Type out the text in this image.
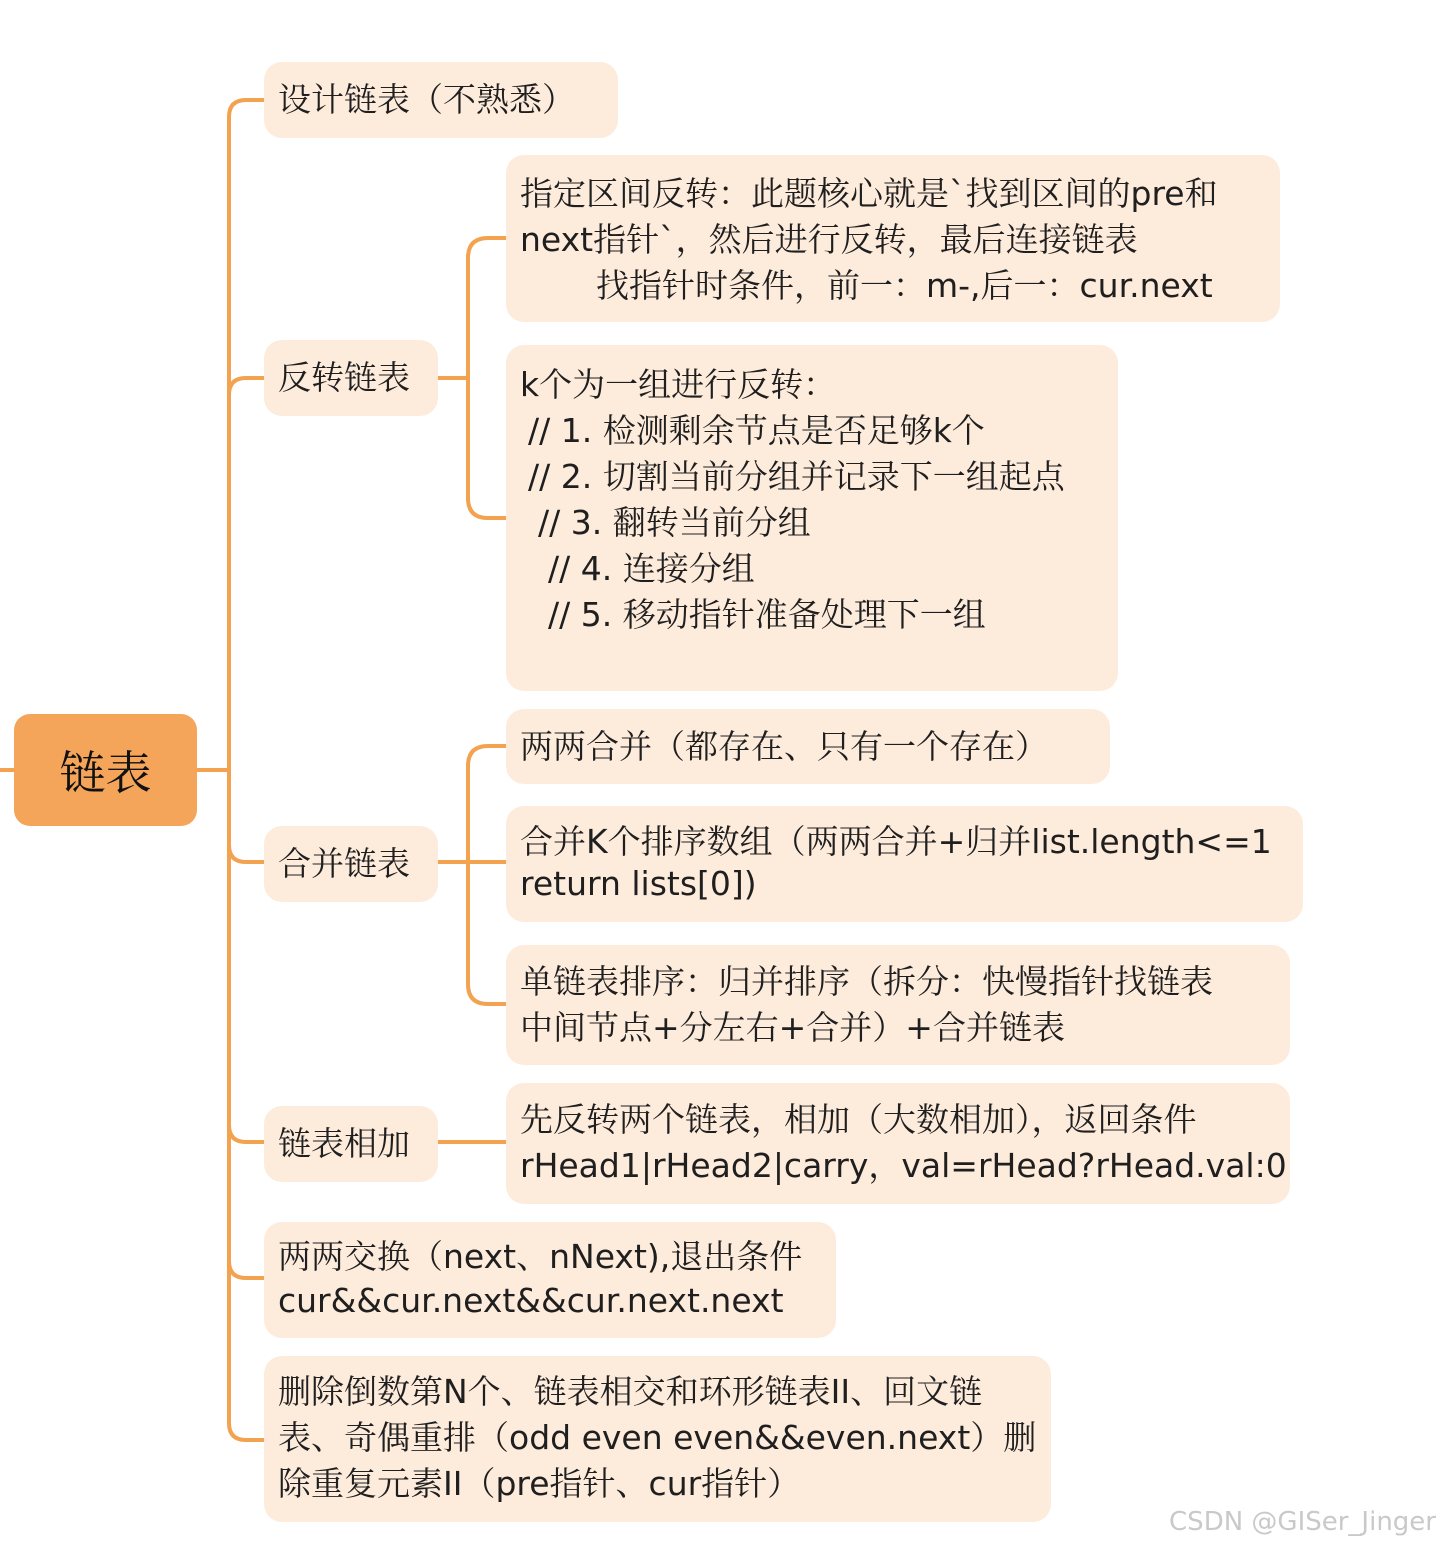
链表
设计链表（不熟悉）
反转链表
合并链表
链表相加
两两交换（next、nNext),退出条件
cur&&cur.next&&cur.next.next
删除倒数第N个、链表相交和环形链表II、回文链
表、奇偶重排（odd even even&&even.next）删
除重复元素II（pre指针、cur指针）
指定区间反转：此题核心就是`找到区间的pre和
next指针`，然后进行反转，最后连接链表
找指针时条件，前一：m-,后一：cur.next
k个为一组进行反转：
// 1. 检测剩余节点是否足够k个
// 2. 切割当前分组并记录下一组起点
// 3. 翻转当前分组
// 4. 连接分组
// 5. 移动指针准备处理下一组
两两合并（都存在、只有一个存在）
合并K个排序数组（两两合并+归并list.length<=1
return lists[0])
单链表排序：归并排序（拆分：快慢指针找链表
中间节点+分左右+合并）+合并链表
先反转两个链表，相加（大数相加），返回条件
rHead1|rHead2|carry，val=rHead?rHead.val:0
CSDN @GISer_Jinger
